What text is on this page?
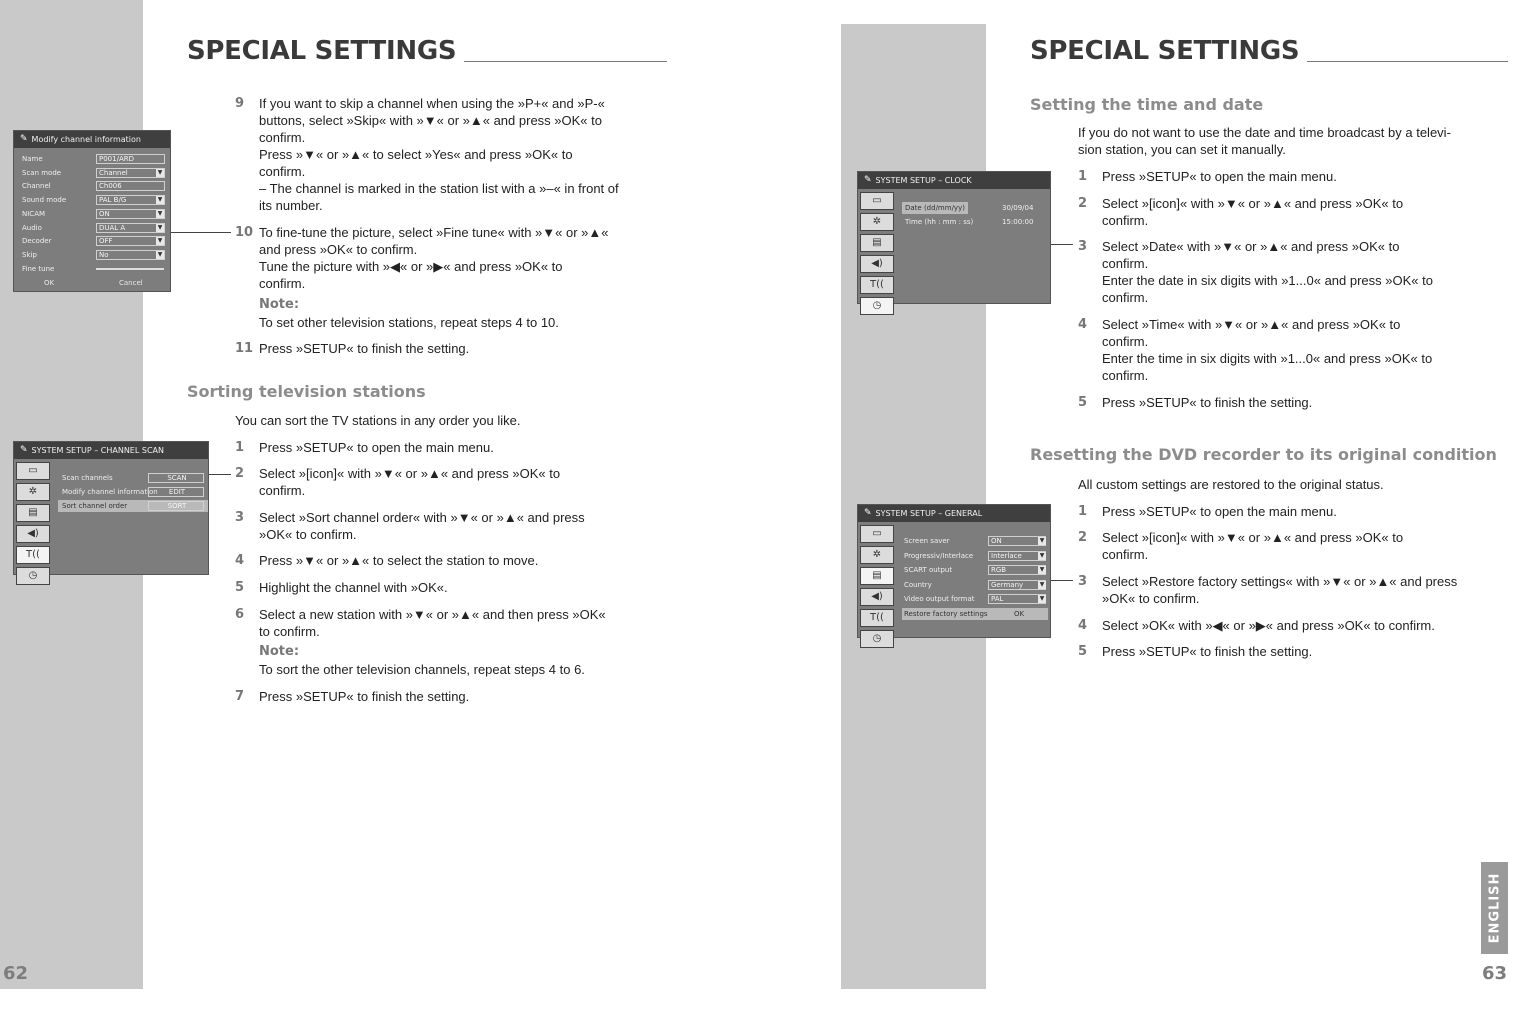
62
SPECIAL SETTINGS
✎ Modify channel information
Name	P001/ARD
Scan mode	Channel	▼
Channel	Ch006
Sound mode	PAL B/G	▼
NICAM	ON	▼
Audio	DUAL A	▼
Decoder	OFF	▼
Skip	No	▼
Fine tune
OK	Cancel
✎ SYSTEM SETUP – CHANNEL SCAN
▭
✲
▤
◀)
T((
◷
Scan channels	SCAN
Modify channel information	EDIT
Sort channel order	SORT
9 If you want to skip a channel when using the »P+« and »P-«
buttons, select »Skip« with »▼« or »▲« and press »OK« to
confirm.
Press »▼« or »▲« to select »Yes« and press »OK« to
confirm.
– The channel is marked in the station list with a »–« in front of
its number.
10 To fine-tune the picture, select »Fine tune« with »▼« or »▲«
and press »OK« to confirm.
Tune the picture with »◀« or »▶« and press »OK« to
confirm.
Note:
To set other television stations, repeat steps 4 to 10.
11 Press »SETUP« to finish the setting.
Sorting television stations
You can sort the TV stations in any order you like.
1 Press »SETUP« to open the main menu.
2 Select »[icon]« with »▼« or »▲« and press »OK« to
confirm.
3 Select »Sort channel order« with »▼« or »▲« and press
»OK« to confirm.
4 Press »▼« or »▲« to select the station to move.
5 Highlight the channel with »OK«.
6 Select a new station with »▼« or »▲« and then press »OK«
to confirm.
Note:
To sort the other television channels, repeat steps 4 to 6.
7 Press »SETUP« to finish the setting.
SPECIAL SETTINGS
✎ SYSTEM SETUP – CLOCK
▭
✲
▤
◀)
T((
◷
Date (dd/mm/yy)	30/09/04
Time (hh : mm : ss)	15:00:00
✎ SYSTEM SETUP – GENERAL
▭
✲
▤
◀)
T((
◷
Screen saver	ON	▼
Progressiv/Interlace	Interlace	▼
SCART output	RGB	▼
Country	Germany	▼
Video output format	PAL	▼
Restore factory settings	OK
Setting the time and date
If you do not want to use the date and time broadcast by a televi-
sion station, you can set it manually.
1 Press »SETUP« to open the main menu.
2 Select »[icon]« with »▼« or »▲« and press »OK« to
confirm.
3 Select »Date« with »▼« or »▲« and press »OK« to
confirm.
Enter the date in six digits with »1...0« and press »OK« to
confirm.
4 Select »Time« with »▼« or »▲« and press »OK« to
confirm.
Enter the time in six digits with »1...0« and press »OK« to
confirm.
5 Press »SETUP« to finish the setting.
Resetting the DVD recorder to its original condition
All custom settings are restored to the original status.
1 Press »SETUP« to open the main menu.
2 Select »[icon]« with »▼« or »▲« and press »OK« to
confirm.
3 Select »Restore factory settings« with »▼« or »▲« and press
»OK« to confirm.
4 Select »OK« with »◀« or »▶« and press »OK« to confirm.
5 Press »SETUP« to finish the setting.
ENGLISH
63
